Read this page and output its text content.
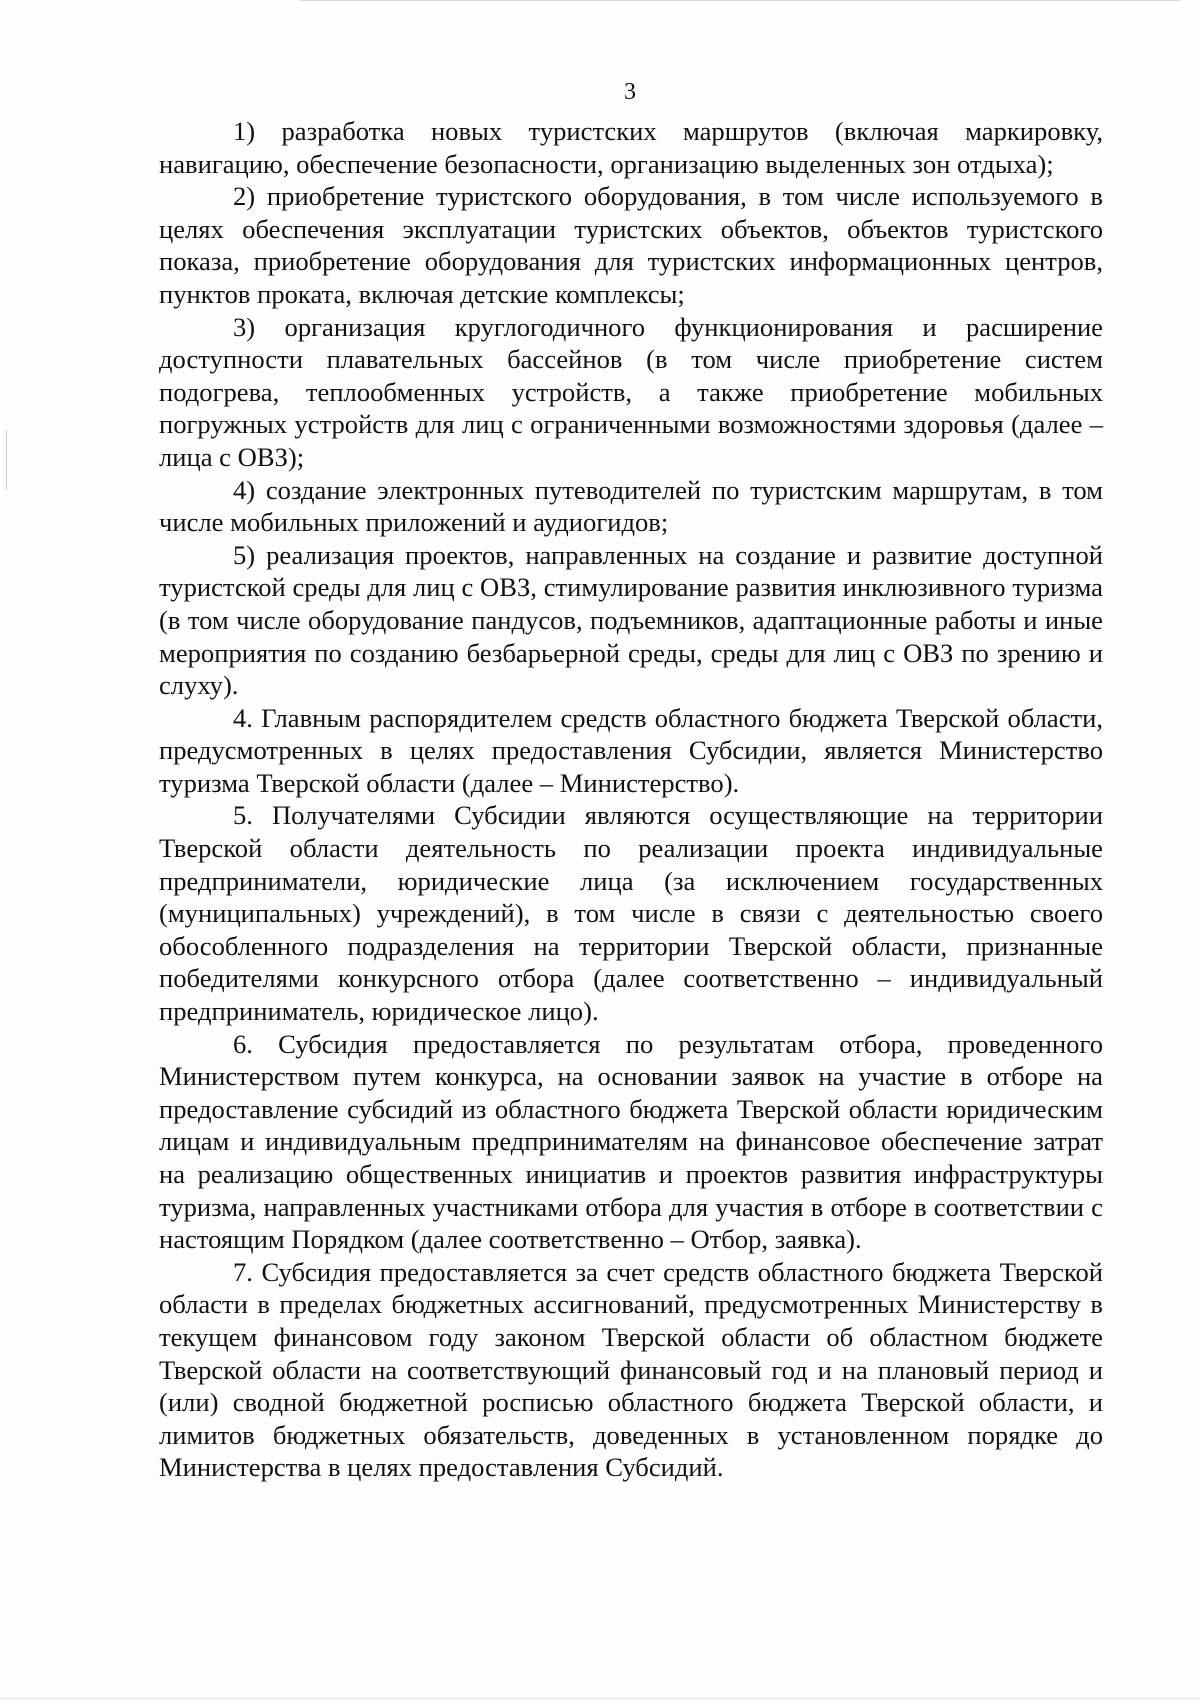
3

1) разработка новых туристских маршрутов (включая маркировку, навигацию, обеспечение безопасности, организацию выделенных зон отдыха);

2) приобретение туристского оборудования, в том числе используемого в целях обеспечения эксплуатации туристских объектов, объектов туристского показа, приобретение оборудования для туристских информационных центров, пунктов проката, включая детские комплексы;

3) организация круглогодичного функционирования и расширение доступности плавательных бассейнов (в том числе приобретение систем подогрева, теплообменных устройств, а также приобретение мобильных погружных устройств для лиц с ограниченными возможностями здоровья (далее – лица с ОВЗ);

4) создание электронных путеводителей по туристским маршрутам, в том числе мобильных приложений и аудиогидов;

5) реализация проектов, направленных на создание и развитие доступной туристской среды для лиц с ОВЗ, стимулирование развития инклюзивного туризма (в том числе оборудование пандусов, подъемников, адаптационные работы и иные мероприятия по созданию безбарьерной среды, среды для лиц с ОВЗ по зрению и слуху).

4. Главным распорядителем средств областного бюджета Тверской области, предусмотренных в целях предоставления Субсидии, является Министерство туризма Тверской области (далее – Министерство).

5. Получателями Субсидии являются осуществляющие на территории Тверской области деятельность по реализации проекта индивидуальные предприниматели, юридические лица (за исключением государственных (муниципальных) учреждений), в том числе в связи с деятельностью своего обособленного подразделения на территории Тверской области, признанные победителями конкурсного отбора (далее соответственно – индивидуальный предприниматель, юридическое лицо).

6. Субсидия предоставляется по результатам отбора, проведенного Министерством путем конкурса, на основании заявок на участие в отборе на предоставление субсидий из областного бюджета Тверской области юридическим лицам и индивидуальным предпринимателям на финансовое обеспечение затрат на реализацию общественных инициатив и проектов развития инфраструктуры туризма, направленных участниками отбора для участия в отборе в соответствии с настоящим Порядком (далее соответственно – Отбор, заявка).

7. Субсидия предоставляется за счет средств областного бюджета Тверской области в пределах бюджетных ассигнований, предусмотренных Министерству в текущем финансовом году законом Тверской области об областном бюджете Тверской области на соответствующий финансовый год и на плановый период и (или) сводной бюджетной росписью областного бюджета Тверской области, и лимитов бюджетных обязательств, доведенных в установленном порядке до Министерства в целях предоставления Субсидий.
